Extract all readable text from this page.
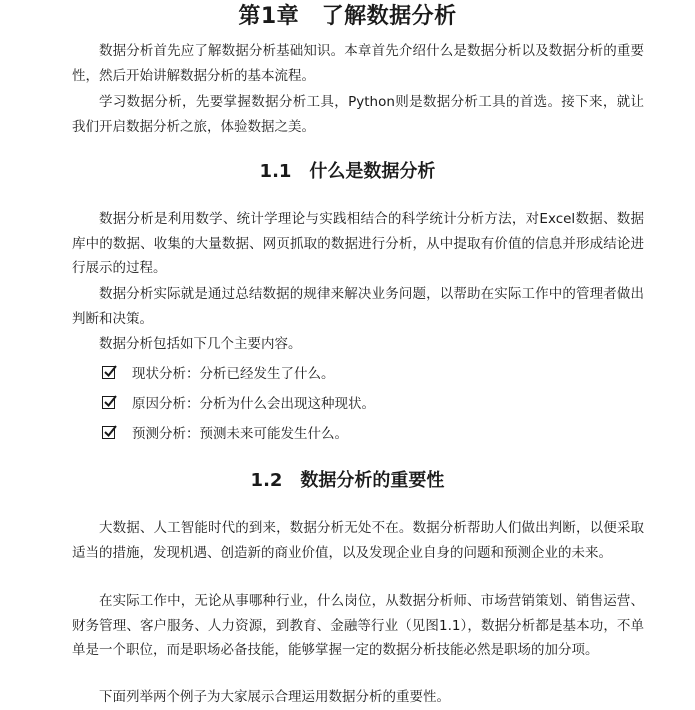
第1章　了解数据分析

数据分析首先应了解数据分析基础知识。本章首先介绍什么是数据分析以及数据分析的重要性，然后开始讲解数据分析的基本流程。

学习数据分析，先要掌握数据分析工具，Python则是数据分析工具的首选。接下来，就让我们开启数据分析之旅，体验数据之美。

1.1　什么是数据分析

数据分析是利用数学、统计学理论与实践相结合的科学统计分析方法，对Excel数据、数据库中的数据、收集的大量数据、网页抓取的数据进行分析，从中提取有价值的信息并形成结论进行展示的过程。

数据分析实际就是通过总结数据的规律来解决业务问题，以帮助在实际工作中的管理者做出判断和决策。

数据分析包括如下几个主要内容。

现状分析：分析已经发生了什么。
原因分析：分析为什么会出现这种现状。
预测分析：预测未来可能发生什么。
1.2　数据分析的重要性

大数据、人工智能时代的到来，数据分析无处不在。数据分析帮助人们做出判断，以便采取适当的措施，发现机遇、创造新的商业价值，以及发现企业自身的问题和预测企业的未来。

在实际工作中，无论从事哪种行业，什么岗位，从数据分析师、市场营销策划、销售运营、财务管理、客户服务、人力资源，到教育、金融等行业（见图1.1），数据分析都是基本功，不单单是一个职位，而是职场必备技能，能够掌握一定的数据分析技能必然是职场的加分项。

下面列举两个例子为大家展示合理运用数据分析的重要性。
